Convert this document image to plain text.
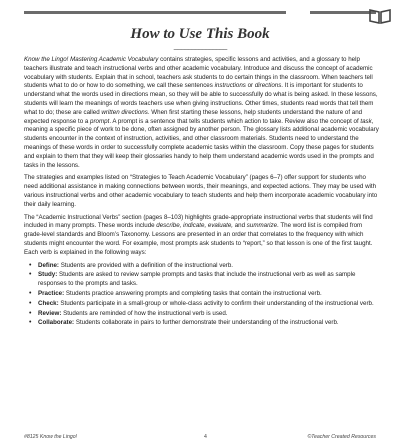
How to Use This Book
_______________

Know the Lingo! Mastering Academic Vocabulary contains strategies, specific lessons and activities, and a glossary to help teachers illustrate and teach instructional verbs and other academic vocabulary. Introduce and discuss the concept of academic vocabulary with students. Explain that in school, teachers ask students to do certain things in the classroom. When teachers tell students what to do or how to do something, we call these sentences instructions or directions. It is important for students to understand what the words used in directions mean, so they will be able to successfully do what is being asked. In these lessons, students will learn the meanings of words teachers use when giving instructions. Other times, students read words that tell them what to do; these are called written directions. When first starting these lessons, help students understand the nature of and expected response to a prompt. A prompt is a sentence that tells students which action to take. Review also the concept of task, meaning a specific piece of work to be done, often assigned by another person. The glossary lists additional academic vocabulary students encounter in the context of instruction, activities, and other classroom materials. Students need to understand the meanings of these words in order to successfully complete academic tasks within the classroom. Copy these pages for students and explain to them that they will keep their glossaries handy to help them understand academic words used in the prompts and tasks in the lessons.

The strategies and examples listed on “Strategies to Teach Academic Vocabulary” (pages 6–7) offer support for students who need additional assistance in making connections between words, their meanings, and expected actions. They may be used with various instructional verbs and other academic vocabulary to teach students and help them incorporate academic vocabulary into their daily learning.

The “Academic Instructional Verbs” section (pages 8–103) highlights grade-appropriate instructional verbs that students will find included in many prompts. These words include describe, indicate, evaluate, and summarize. The word list is compiled from grade-level standards and Bloom’s Taxonomy. Lessons are presented in an order that correlates to the frequency with which students might encounter the word. For example, most prompts ask students to “report,” so that lesson is one of the first taught. Each verb is explained in the following ways:

• Define: Students are provided with a definition of the instructional verb.
• Study: Students are asked to review sample prompts and tasks that include the instructional verb as well as sample responses to the prompts and tasks.
• Practice: Students practice answering prompts and completing tasks that contain the instructional verb.
• Check: Students participate in a small-group or whole-class activity to confirm their understanding of the instructional verb.
• Review: Students are reminded of how the instructional verb is used.
• Collaborate: Students collaborate in pairs to further demonstrate their understanding of the instructional verb.
#8125 Know the Lingo!	4	©Teacher Created Resources
